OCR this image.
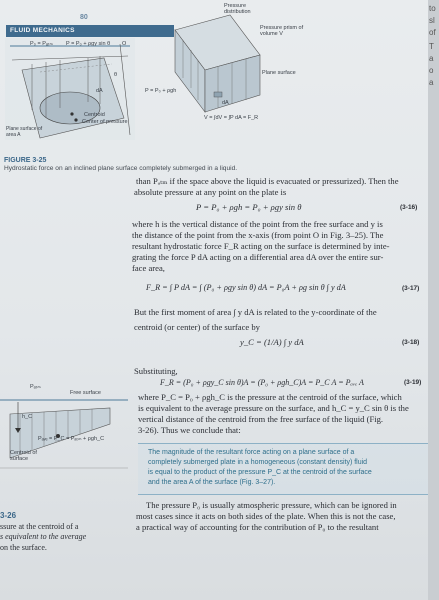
80
FLUID MECHANICS
P₀ = Pₐₜₘ P = P₀ + ρgy sin θ O
dA
Centroid
Center of pressure
Plane surface of area A
θ
Pressure distribution
Pressure prism of volume V
Plane surface
P = P₀ + ρgh
dA
V = ∫dV = ∫P dA = F_R
FIGURE 3-25
Hydrostatic force on an inclined plane surface completely submerged in a liquid.
than Pₐₜₘ if the space above the liquid is evacuated or pressurized). Then the
absolute pressure at any point on the plate is
P = P₀ + ρgh = P₀ + ρgy sin θ	(3-16)
where h is the vertical distance of the point from the free surface and y is
the distance of the point from the x-axis (from point O in Fig. 3–25). The
resultant hydrostatic force F_R acting on the surface is determined by inte-
grating the force P dA acting on a differential area dA over the entire sur-
face area,
F_R = ∫ P dA = ∫ (P₀ + ρgy sin θ) dA = P₀A + ρg sin θ ∫ y dA	(3-17)
But the first moment of area ∫ y dA is related to the y-coordinate of the
centroid (or center) of the surface by
y_C = (1/A) ∫ y dA	(3-18)
Substituting,
F_R = (P₀ + ρgy_C sin θ)A = (P₀ + ρgh_C)A = P_C A = Pₐᵥₑ A	(3-19)
where P_C = P₀ + ρgh_C is the pressure at the centroid of the surface, which
is equivalent to the average pressure on the surface, and h_C = y_C sin θ is the
vertical distance of the centroid from the free surface of the liquid (Fig.
3-26). Thus we conclude that:
The magnitude of the resultant force acting on a plane surface of a
completely submerged plate in a homogeneous (constant density) fluid
is equal to the product of the pressure P_C at the centroid of the surface
and the area A of the surface (Fig. 3–27).
The pressure P₀ is usually atmospheric pressure, which can be ignored in
most cases since it acts on both sides of the plate. When this is not the case,
a practical way of accounting for the contribution of P₀ to the resultant
Pₐₜₘ
Free surface
h_C
Pₐᵥₑ = P_C = Pₐₜₘ + ρgh_C
Centroid of surface
3-26
ssure at the centroid of a
s equivalent to the average
on the surface.
to
sl
of
T
a
o
a
